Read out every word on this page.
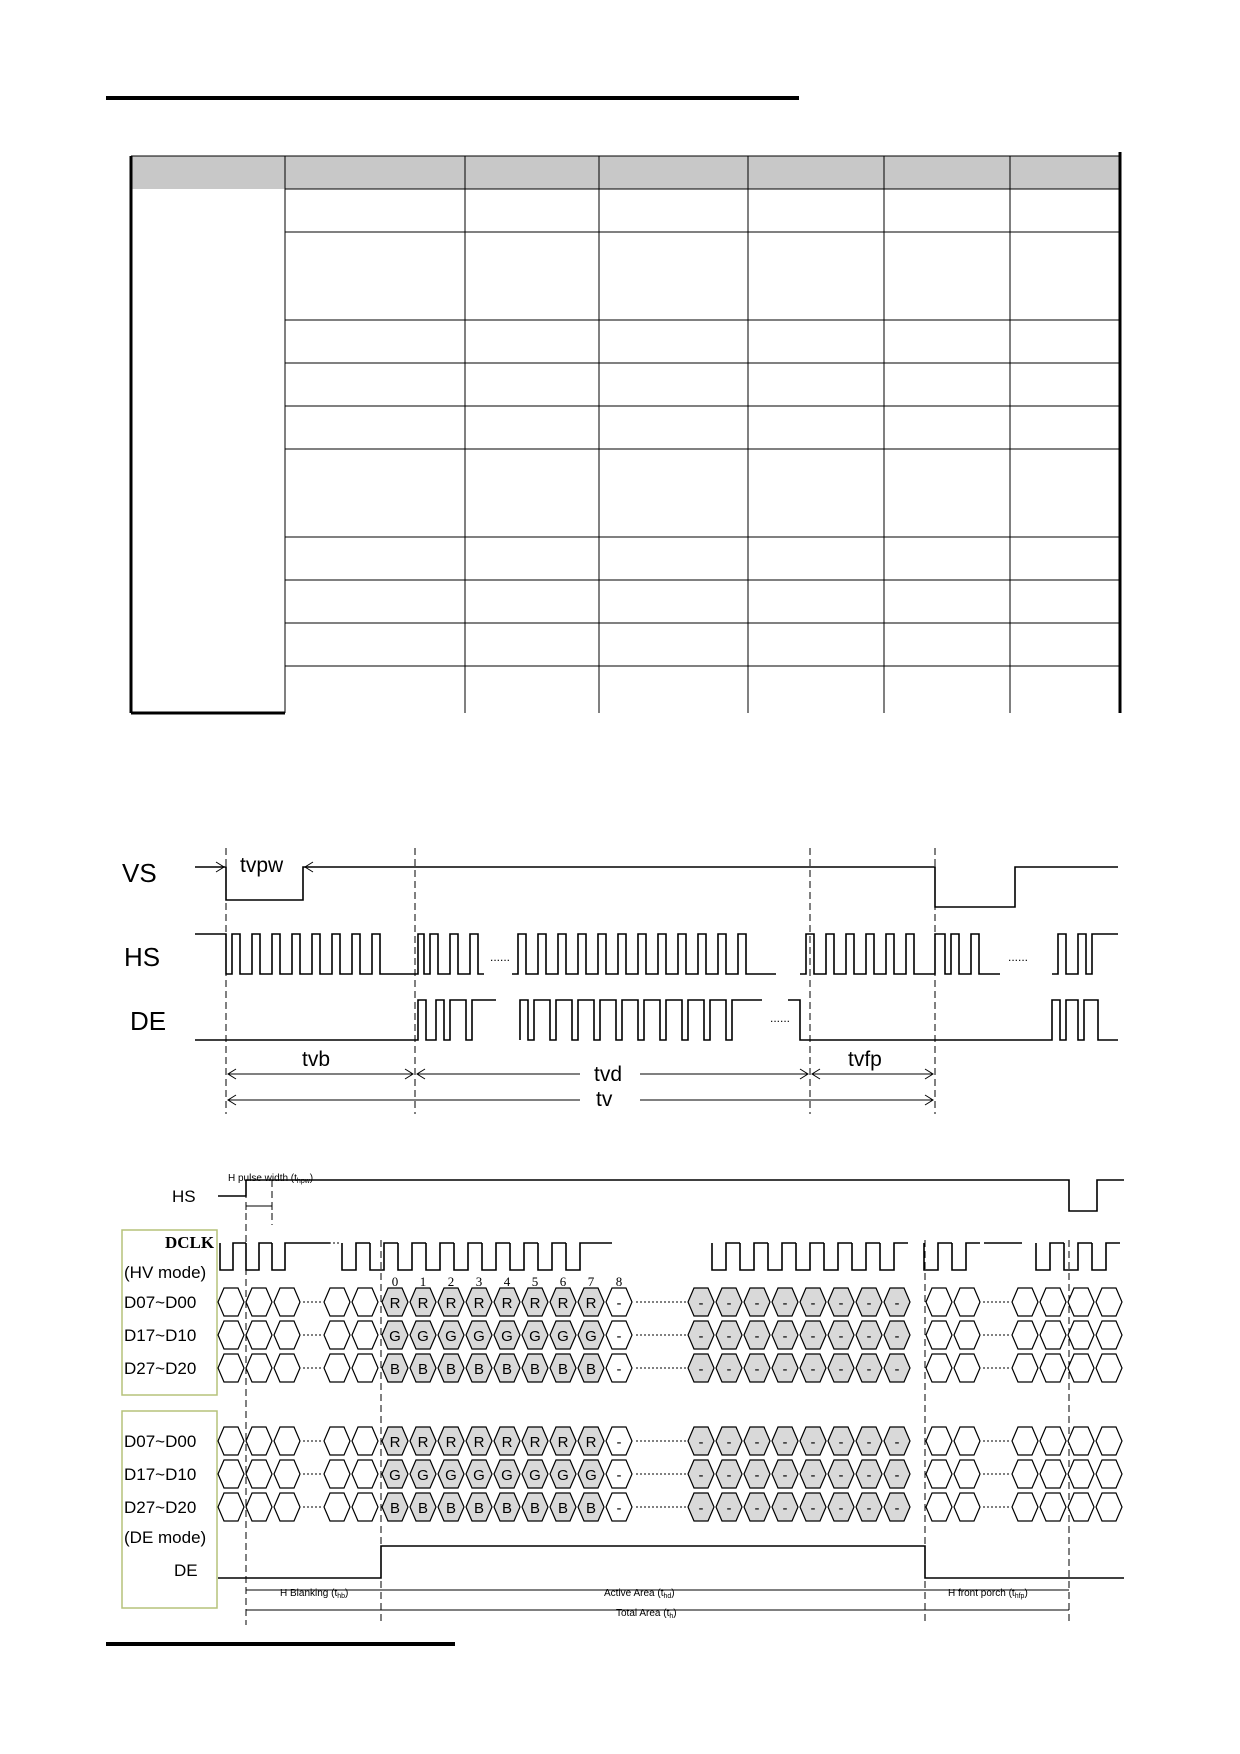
VS
HS
DE
tvpw
tvb
tvd
tvfp
tv
......	......
......
R R R R R R R R -	- - - - - - - -
G G G G G G G G -	- - - - - - - -
B B B B B B B B -	- - - - - - - -
R R R R R R R R -	- - - - - - - -
G G G G G G G G -	- - - - - - - -
B B B B B B B B -	- - - - - - - -
HS
DCLK
(HV mode)
(DE mode)
DE
H pulse width $(t_{hpw})$
D07~D00
D17~D10
D27~D20
D07~D00
D17~D10
D27~D20
0 1 2 3 4 5 6 7 8
H Blanking $(t_{hb})$	Active Area $(t_{hd})$	H front porch $(t_{hfp})$
Total Area $(t_h)$
